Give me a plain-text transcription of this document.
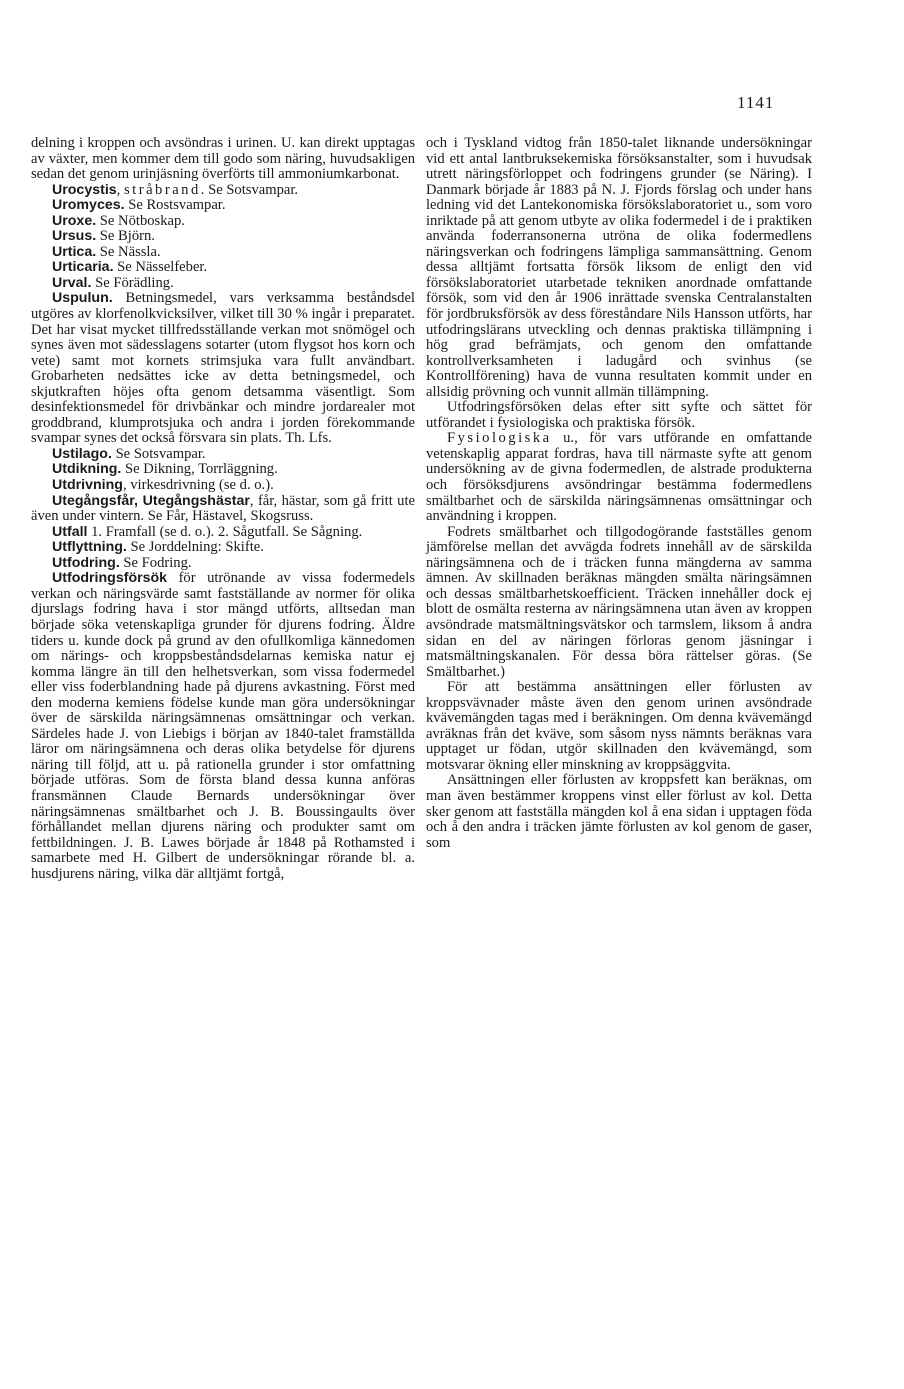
1141

delning i kroppen och avsöndras i urinen. U. kan direkt upptagas av växter, men kommer dem till godo som näring, huvudsakligen sedan det genom urinjäsning överförts till ammoniumkarbonat.

Urocystis, stråbrand. Se Sotsvampar.

Uromyces. Se Rostsvampar.

Uroxe. Se Nötboskap.

Ursus. Se Björn.

Urtica. Se Nässla.

Urticaria. Se Nässelfeber.

Urval. Se Förädling.

Uspulun. Betningsmedel, vars verksamma beståndsdel utgöres av klorfenolkvicksilver, vilket till 30 % ingår i preparatet. Det har visat mycket tillfredsställande verkan mot snömögel och synes även mot sädesslagens sotarter (utom flygsot hos korn och vete) samt mot kornets strimsjuka vara fullt användbart. Grobarheten nedsättes icke av detta betningsmedel, och skjutkraften höjes ofta genom detsamma väsentligt. Som desinfektionsmedel för drivbänkar och mindre jordarealer mot groddbrand, klumprotsjuka och andra i jorden förekommande svampar synes det också försvara sin plats. Th. Lfs.

Ustilago. Se Sotsvampar.

Utdikning. Se Dikning, Torrläggning.

Utdrivning, virkesdrivning (se d. o.).

Utegångsfår, Utegångshästar, får, hästar, som gå fritt ute även under vintern. Se Får, Hästavel, Skogsruss.

Utfall 1. Framfall (se d. o.). 2. Sågutfall. Se Sågning.

Utflyttning. Se Jorddelning: Skifte.

Utfodring. Se Fodring.

Utfodringsförsök för utrönande av vissa fodermedels verkan och näringsvärde samt fastställande av normer för olika djurslags fodring hava i stor mängd utförts, alltsedan man började söka vetenskapliga grunder för djurens fodring. Äldre tiders u. kunde dock på grund av den ofullkomliga kännedomen om närings- och kroppsbeståndsdelarnas kemiska natur ej komma längre än till den helhetsverkan, som vissa fodermedel eller viss foderblandning hade på djurens avkastning. Först med den moderna kemiens födelse kunde man göra undersökningar över de särskilda näringsämnenas omsättningar och verkan. Särdeles hade J. von Liebigs i början av 1840-talet framställda läror om näringsämnena och deras olika betydelse för djurens näring till följd, att u. på rationella grunder i stor omfattning började utföras. Som de första bland dessa kunna anföras fransmännen Claude Bernards undersökningar över näringsämnenas smältbarhet och J. B. Boussingaults över förhållandet mellan djurens näring och produkter samt om fettbildningen. J. B. Lawes började år 1848 på Rothamsted i samarbete med H. Gilbert de undersökningar rörande bl. a. husdjurens näring, vilka där alltjämt fortgå,

och i Tyskland vidtog från 1850-talet liknande undersökningar vid ett antal lantbruksekemiska försöksanstalter, som i huvudsak utrett näringsförloppet och fodringens grunder (se Näring). I Danmark började år 1883 på N. J. Fjords förslag och under hans ledning vid det Lantekonomiska försökslaboratoriet u., som voro inriktade på att genom utbyte av olika fodermedel i de i praktiken använda foderransonerna utröna de olika fodermedlens näringsverkan och fodringens lämpliga sammansättning. Genom dessa alltjämt fortsatta försök liksom de enligt den vid försökslaboratoriet utarbetade tekniken anordnade omfattande försök, som vid den år 1906 inrättade svenska Centralanstalten för jordbruksförsök av dess föreståndare Nils Hansson utförts, har utfodringslärans utveckling och dennas praktiska tillämpning i hög grad befrämjats, och genom den omfattande kontrollverksamheten i ladugård och svinhus (se Kontrollförening) hava de vunna resultaten kommit under en allsidig prövning och vunnit allmän tillämpning.

Utfodringsförsöken delas efter sitt syfte och sättet för utförandet i fysiologiska och praktiska försök.

Fysiologiska u., för vars utförande en omfattande vetenskaplig apparat fordras, hava till närmaste syfte att genom undersökning av de givna fodermedlen, de alstrade produkterna och försöksdjurens avsöndringar bestämma fodermedlens smältbarhet och de särskilda näringsämnenas omsättningar och användning i kroppen.

Fodrets smältbarhet och tillgodogörande fastställes genom jämförelse mellan det avvägda fodrets innehåll av de särskilda näringsämnena och de i träcken funna mängderna av samma ämnen. Av skillnaden beräknas mängden smälta näringsämnen och dessas smältbarhetskoefficient. Träcken innehåller dock ej blott de osmälta resterna av näringsämnena utan även av kroppen avsöndrade matsmältningsvätskor och tarmslem, liksom å andra sidan en del av näringen förloras genom jäsningar i matsmältningskanalen. För dessa böra rättelser göras. (Se Smältbarhet.)

För att bestämma ansättningen eller förlusten av kroppsvävnader måste även den genom urinen avsöndrade kvävemängden tagas med i beräkningen. Om denna kvävemängd avräknas från det kväve, som såsom nyss nämnts beräknas vara upptaget ur födan, utgör skillnaden den kvävemängd, som motsvarar ökning eller minskning av kroppsäggvita.

Ansättningen eller förlusten av kroppsfett kan beräknas, om man även bestämmer kroppens vinst eller förlust av kol. Detta sker genom att fastställa mängden kol å ena sidan i upptagen föda och å den andra i träcken jämte förlusten av kol genom de gaser, som
